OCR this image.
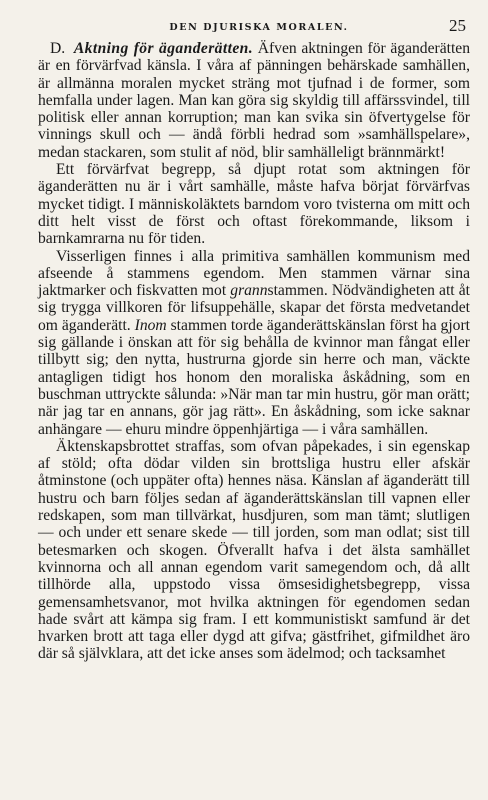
DEN DJURISKA MORALEN.	25

D. Aktning för äganderätten. Äfven aktningen för äganderätten är en förvärfvad känsla. I våra af pänningen behärskade samhällen, är allmänna moralen mycket sträng mot tjufnad i de former, som hemfalla under lagen. Man kan göra sig skyldig till affärssvindel, till politisk eller annan korruption; man kan svika sin öfvertygelse för vinnings skull och — ändå förbli hedrad som »samhällspelare», medan stackaren, som stulit af nöd, blir samhälleligt brännmärkt!

Ett förvärfvat begrepp, så djupt rotat som aktningen för äganderätten nu är i vårt samhälle, måste hafva börjat förvärfvas mycket tidigt. I människoläktets barndom voro tvisterna om mitt och ditt helt visst de först och oftast förekommande, liksom i barnkamrarna nu för tiden.

Visserligen finnes i alla primitiva samhällen kommunism med afseende å stammens egendom. Men stammen värnar sina jaktmarker och fiskvatten mot grannstammen. Nödvändigheten att åt sig trygga villkoren för lifsuppehälle, skapar det första medvetandet om äganderätt. Inom stammen torde äganderättskänslan först ha gjort sig gällande i önskan att för sig behålla de kvinnor man fångat eller tillbytt sig; den nytta, hustrurna gjorde sin herre och man, väckte antagligen tidigt hos honom den moraliska åskådning, som en buschman uttryckte sålunda: »När man tar min hustru, gör man orätt; när jag tar en annans, gör jag rätt». En åskådning, som icke saknar anhängare — ehuru mindre öppenhjärtiga — i våra samhällen.

Äktenskapsbrottet straffas, som ofvan påpekades, i sin egenskap af stöld; ofta dödar vilden sin brottsliga hustru eller afskär åtminstone (och uppäter ofta) hennes näsa. Känslan af äganderätt till hustru och barn följes sedan af äganderättskänslan till vapnen eller redskapen, som man tillvärkat, husdjuren, som man tämt; slutligen — och under ett senare skede — till jorden, som man odlat; sist till betesmarken och skogen. Öfverallt hafva i det älsta samhället kvinnorna och all annan egendom varit samegendom och, då allt tillhörde alla, uppstodo vissa ömsesidighetsbegrepp, vissa gemensamhetsvanor, mot hvilka aktningen för egendomen sedan hade svårt att kämpa sig fram. I ett kommunistiskt samfund är det hvarken brott att taga eller dygd att gifva; gästfrihet, gifmildhet äro där så självklara, att det icke anses som ädelmod; och tacksamhet
